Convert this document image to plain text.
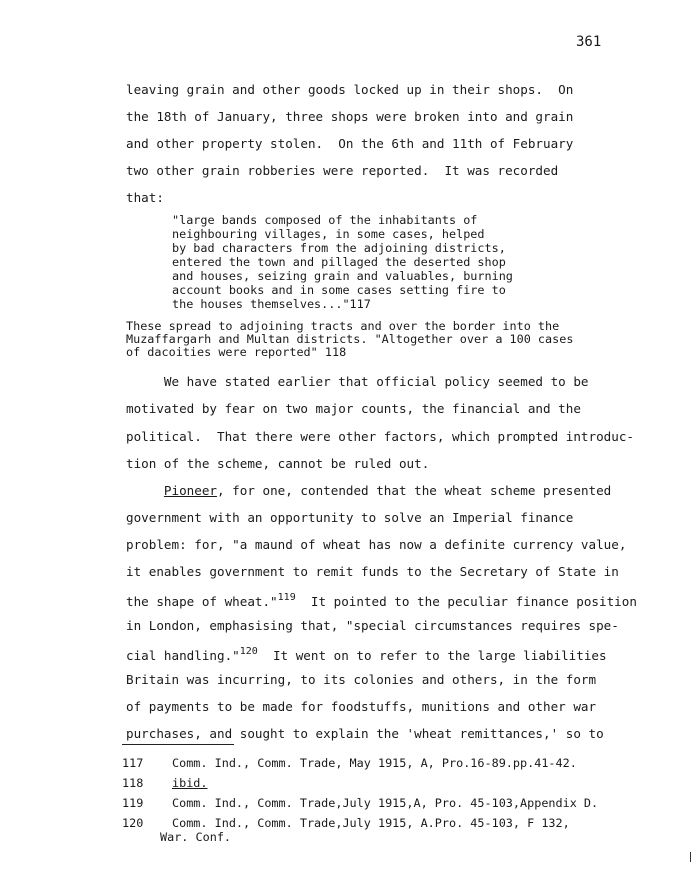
361
leaving grain and other goods locked up in their shops.  On
the 18th of January, three shops were broken into and grain
and other property stolen.  On the 6th and 11th of February
two other grain robberies were reported.  It was recorded
that:
"large bands composed of the inhabitants of
neighbouring villages, in some cases, helped
by bad characters from the adjoining districts,
entered the town and pillaged the deserted shop
and houses, seizing grain and valuables, burning
account books and in some cases setting fire to
the houses themselves..."117
These spread to adjoining tracts and over the border into the
Muzaffargarh and Multan districts. "Altogether over a 100 cases
of dacoities were reported" 118
We have stated earlier that official policy seemed to be
motivated by fear on two major counts, the financial and the
political.  That there were other factors, which prompted introduc-
tion of the scheme, cannot be ruled out.
Pioneer, for one, contended that the wheat scheme presented
government with an opportunity to solve an Imperial finance
problem: for, "a maund of wheat has now a definite currency value,
it enables government to remit funds to the Secretary of State in
the shape of wheat."$^{119}$  It pointed to the peculiar finance position
in London, emphasising that, "special circumstances requires spe-
cial handling."$^{120}$  It went on to refer to the large liabilities
Britain was incurring, to its colonies and others, in the form
of payments to be made for foodstuffs, munitions and other war
purchases, and sought to explain the 'wheat remittances,' so to
117 Comm. Ind., Comm. Trade, May 1915, A, Pro.16-89.pp.41-42.
118 ibid.
119 Comm. Ind., Comm. Trade,July 1915,A, Pro. 45-103,Appendix D.
120 Comm. Ind., Comm. Trade,July 1915, A.Pro. 45-103, F 132,
War. Conf.
